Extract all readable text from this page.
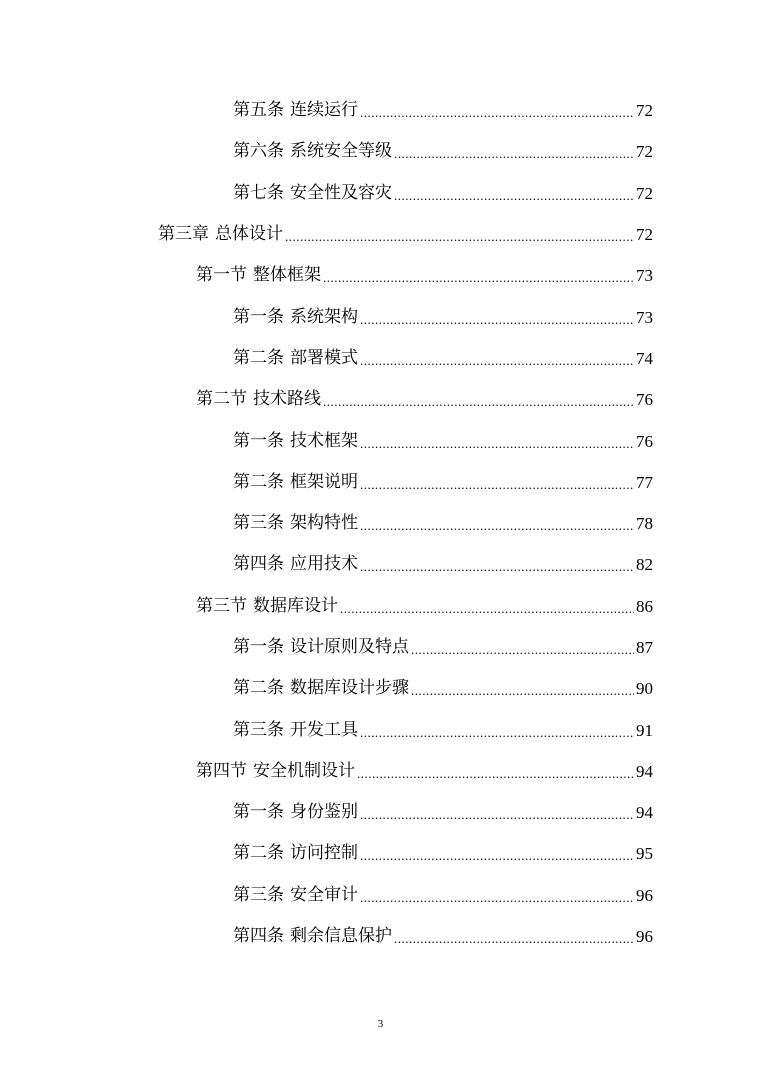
第五条 连续运行 .....	72
第六条 系统安全等级 .....	72
第七条 安全性及容灾 .....	72
第三章 总体设计 .....	72
第一节 整体框架 .....	73
第一条 系统架构 .....	73
第二条 部署模式 .....	74
第二节 技术路线 .....	76
第一条 技术框架 .....	76
第二条 框架说明 .....	77
第三条 架构特性 .....	78
第四条 应用技术 .....	82
第三节 数据库设计 .....	86
第一条 设计原则及特点 .....	87
第二条 数据库设计步骤 .....	90
第三条 开发工具 .....	91
第四节 安全机制设计 .....	94
第一条 身份鉴别 .....	94
第二条 访问控制 .....	95
第三条 安全审计 .....	96
第四条 剩余信息保护 .....	96
3
